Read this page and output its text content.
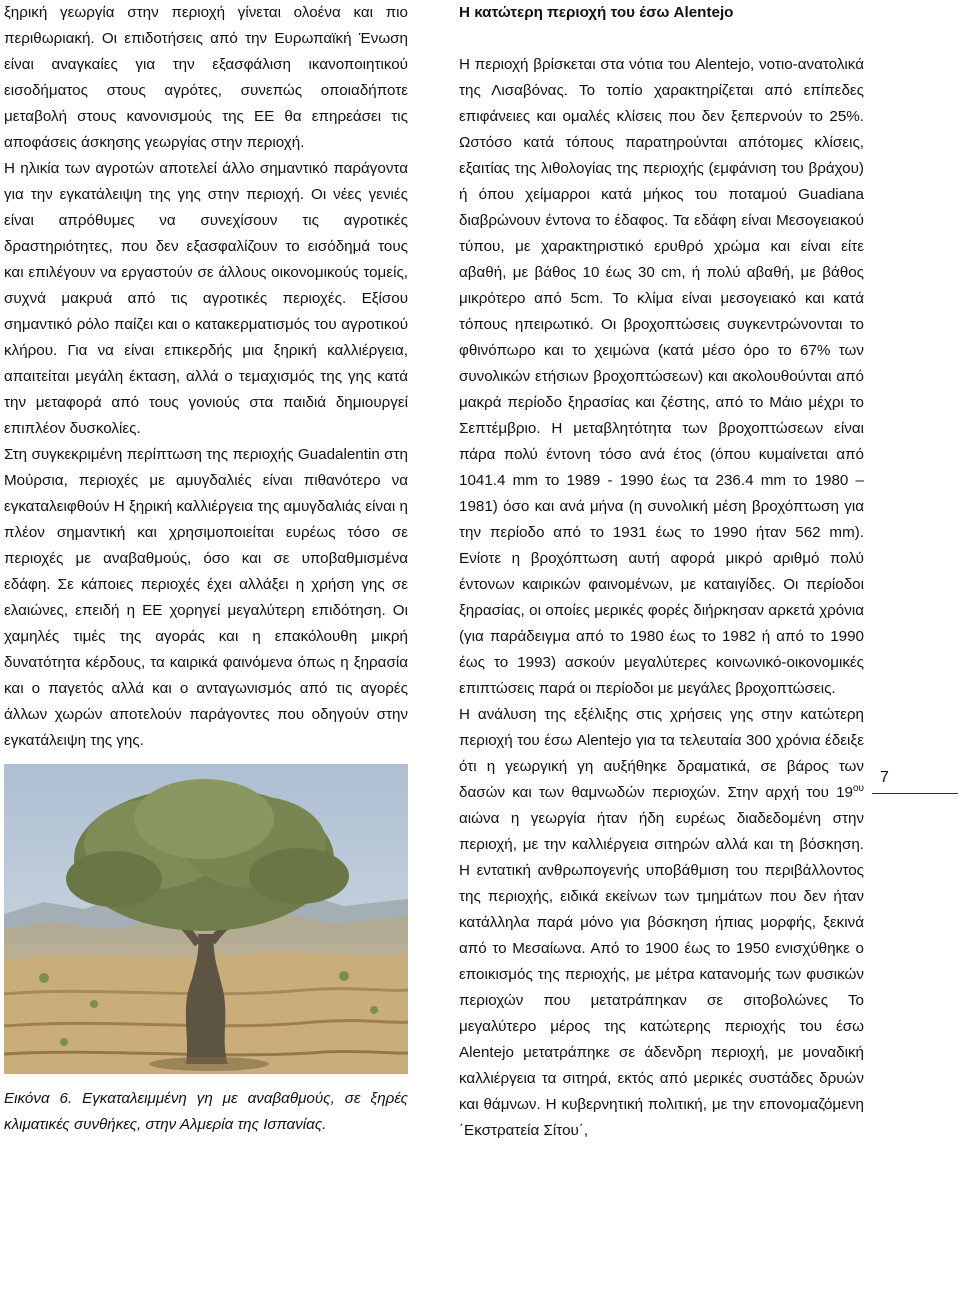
ξηρική γεωργία στην περιοχή γίνεται ολοένα και πιο περιθωριακή. Οι επιδοτήσεις από την Ευρωπαϊκή Ένωση είναι αναγκαίες για την εξασφάλιση ικανοποιητικού εισοδήματος στους αγρότες, συνεπώς οποιαδήποτε μεταβολή στους κανονισμούς της ΕΕ θα επηρεάσει τις αποφάσεις άσκησης γεωργίας στην περιοχή.

Η ηλικία των αγροτών αποτελεί άλλο σημαντικό παράγοντα για την εγκατάλειψη της γης στην περιοχή. Οι νέες γενιές είναι απρόθυμες να συνεχίσουν τις αγροτικές δραστηριότητες, που δεν εξασφαλίζουν το εισόδημά τους και επιλέγουν να εργαστούν σε άλλους οικονομικούς τομείς, συχνά μακρυά από τις αγροτικές περιοχές. Εξίσου σημαντικό ρόλο παίζει και ο κατακερματισμός του αγροτικού κλήρου. Για να είναι επικερδής μια ξηρική καλλιέργεια, απαιτείται μεγάλη έκταση, αλλά ο τεμαχισμός της γης κατά την μεταφορά από τους γονιούς στα παιδιά δημιουργεί επιπλέον δυσκολίες.

Στη συγκεκριμένη περίπτωση της περιοχής Guadalentin στη Μούρσια, περιοχές με αμυγδαλιές είναι πιθανότερο να εγκαταλειφθούν Η ξηρική καλλιέργεια της αμυγδαλιάς είναι η πλέον σημαντική και χρησιμοποιείται ευρέως τόσο σε περιοχές με αναβαθμούς, όσο και σε υποβαθμισμένα εδάφη. Σε κάποιες περιοχές έχει αλλάξει η χρήση γης σε ελαιώνες, επειδή η ΕΕ χορηγεί μεγαλύτερη επιδότηση. Οι χαμηλές τιμές της αγοράς και η επακόλουθη μικρή δυνατότητα κέρδους, τα καιρικά φαινόμενα όπως η ξηρασία και ο παγετός αλλά και ο ανταγωνισμός από τις αγορές άλλων χωρών αποτελούν παράγοντες που οδηγούν στην εγκατάλειψη της γης.

Εικόνα 6. Εγκαταλειμμένη γη με αναβαθμούς, σε ξηρές κλιματικές συνθήκες, στην Αλμερία της Ισπανίας.

Η κατώτερη περιοχή του έσω Alentejo

Η περιοχή βρίσκεται στα νότια του Alentejo, νοτιο-ανατολικά της Λισαβόνας. Το τοπίο χαρακτηρίζεται από επίπεδες επιφάνειες και ομαλές κλίσεις που δεν ξεπερνούν το 25%. Ωστόσο κατά τόπους παρατηρούνται απότομες κλίσεις, εξαιτίας της λιθολογίας της περιοχής (εμφάνιση του βράχου) ή όπου χείμαρροι κατά μήκος του ποταμού Guadiana διαβρώνουν έντονα το έδαφος. Τα εδάφη είναι Μεσογειακού τύπου, με χαρακτηριστικό ερυθρό χρώμα και είναι είτε αβαθή, με βάθος 10 έως 30 cm, ή πολύ αβαθή, με βάθος μικρότερο από 5cm. Το κλίμα είναι μεσογειακό και κατά τόπους ηπειρωτικό. Οι βροχοπτώσεις συγκεντρώνονται το φθινόπωρο και το χειμώνα (κατά μέσο όρο το 67% των συνολικών ετήσιων βροχοπτώσεων) και ακολουθούνται από μακρά περίοδο ξηρασίας και ζέστης, από το Μάιο μέχρι το Σεπτέμβριο. Η μεταβλητότητα των βροχοπτώσεων είναι πάρα πολύ έντονη τόσο ανά έτος (όπου κυμαίνεται από 1041.4 mm το 1989 - 1990 έως τα 236.4 mm το 1980 – 1981) όσο και ανά μήνα (η συνολική μέση βροχόπτωση για την περίοδο από το 1931 έως το 1990 ήταν 562 mm). Ενίοτε η βροχόπτωση αυτή αφορά μικρό αριθμό πολύ έντονων καιρικών φαινομένων, με καταιγίδες. Οι περίοδοι ξηρασίας, οι οποίες μερικές φορές διήρκησαν αρκετά χρόνια (για παράδειγμα από το 1980 έως το 1982 ή από το 1990 έως το 1993) ασκούν μεγαλύτερες κοινωνικό-οικονομικές επιπτώσεις παρά οι περίοδοι με μεγάλες βροχοπτώσεις.

Η ανάλυση της εξέλιξης στις χρήσεις γης στην κατώτερη περιοχή του έσω Alentejo για τα τελευταία 300 χρόνια έδειξε ότι η γεωργική γη αυξήθηκε δραματικά, σε βάρος των δασών και των θαμνωδών περιοχών. Στην αρχή του $19^{o\upsilon}$ αιώνα η γεωργία ήταν ήδη ευρέως διαδεδομένη στην περιοχή, με την καλλιέργεια σιτηρών αλλά και τη βόσκηση. Η εντατική ανθρωπογενής υποβάθμιση του περιβάλλοντος της περιοχής, ειδικά εκείνων των τμημάτων που δεν ήταν κατάλληλα παρά μόνο για βόσκηση ήπιας μορφής, ξεκινά από το Μεσαίωνα. Από το 1900 έως το 1950 ενισχύθηκε ο εποικισμός της περιοχής, με μέτρα κατανομής των φυσικών περιοχών που μετατράπηκαν σε σιτοβολώνες Το μεγαλύτερο μέρος της κατώτερης περιοχής του έσω Alentejo μετατράπηκε σε άδενδρη περιοχή, με μοναδική καλλιέργεια τα σιτηρά, εκτός από μερικές συστάδες δρυών και θάμνων. Η κυβερνητική πολιτική, με την επονομαζόμενη ΄Εκστρατεία Σίτου΄,

7
